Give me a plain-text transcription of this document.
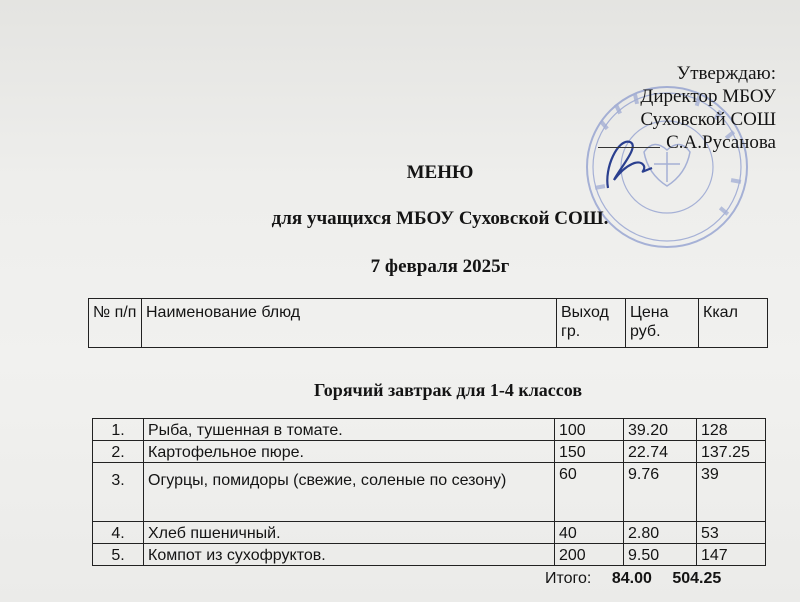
Утверждаю:
Директор МБОУ
Суховской СОШ
С.А.Русанова
МЕНЮ
для учащихся МБОУ Суховской СОШ.
7 февраля 2025г
№ п/п	Наименование блюд	Выход гр.	Цена руб.	Ккал
Горячий завтрак для 1-4 классов
1.	Рыба, тушенная в томате.	100	39.20	128
2.	Картофельное пюре.	150	22.74	137.25
3.	Огурцы, помидоры (свежие, соленые по сезону)	60	9.76	39
4.	Хлеб пшеничный.	40	2.80	53
5.	Компот из сухофруктов.	200	9.50	147
Итого: 84.00 504.25
